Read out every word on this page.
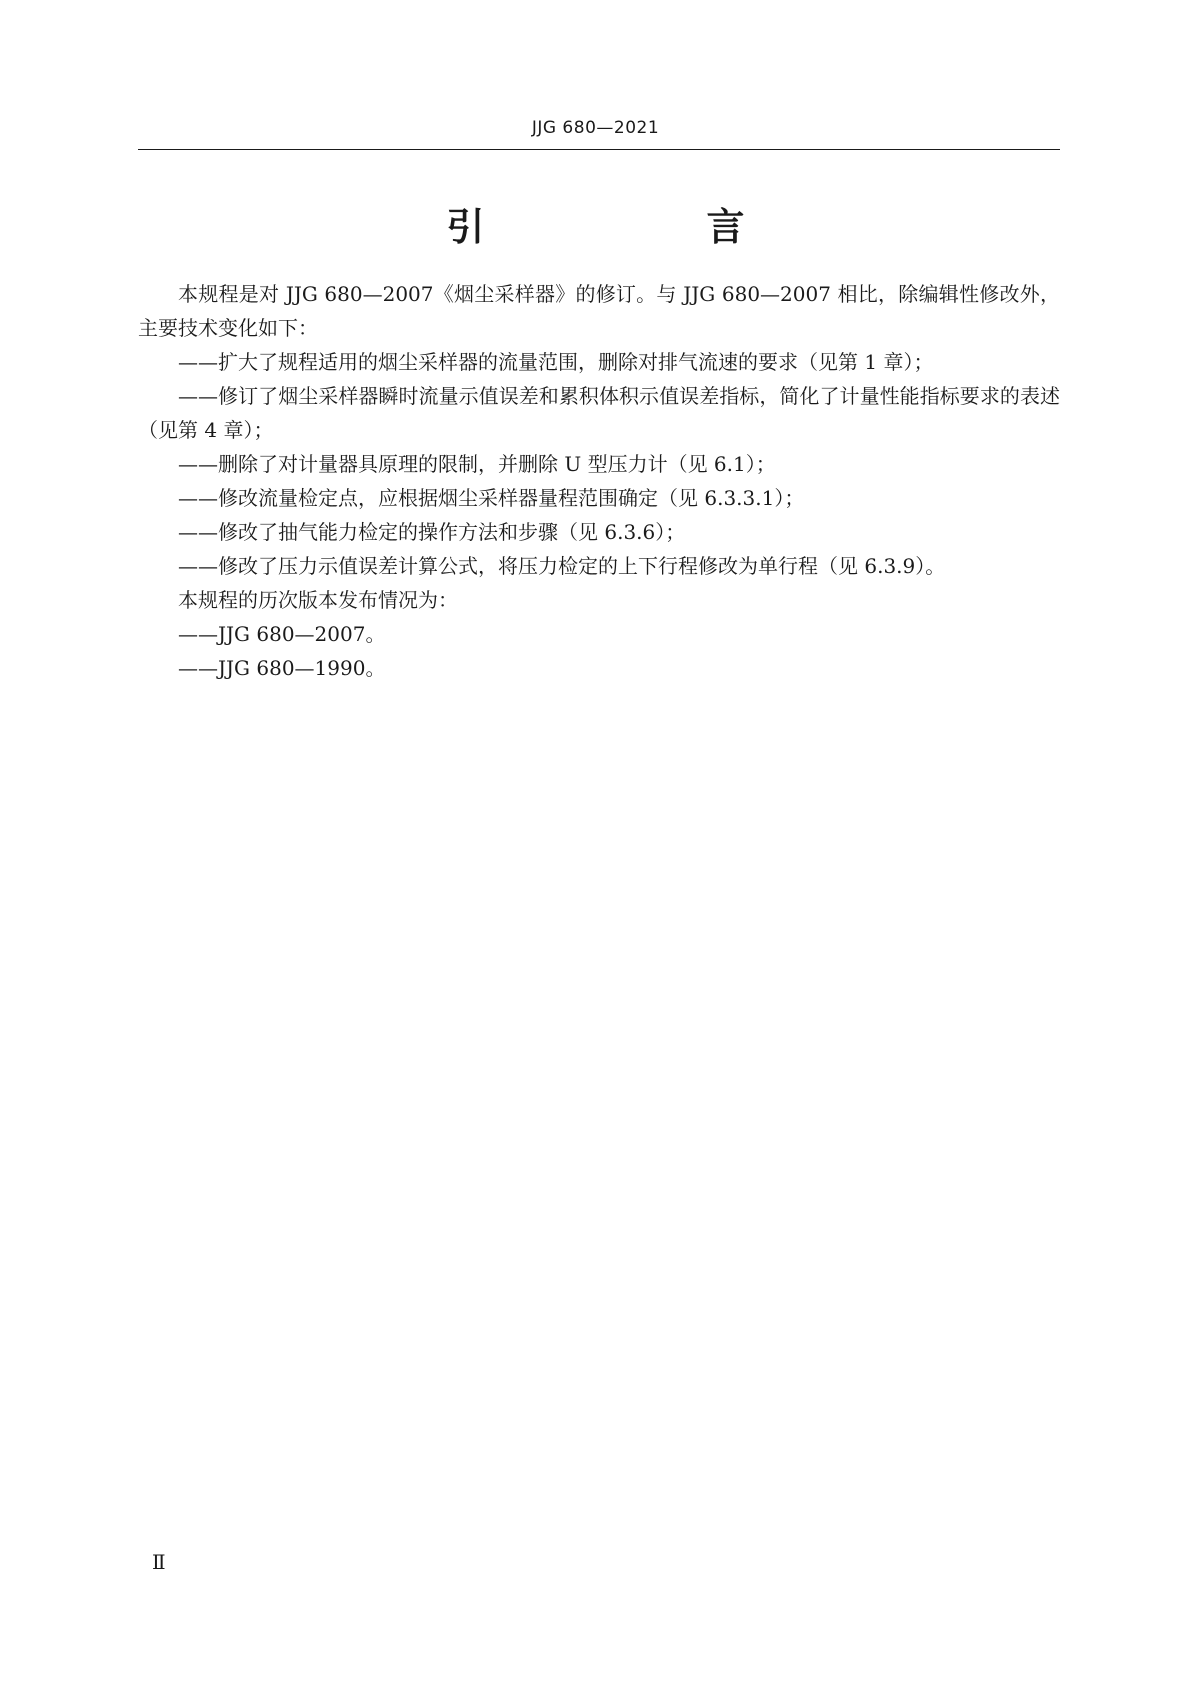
JJG 680—2021
引　言

本规程是对 JJG 680—2007《烟尘采样器》的修订。与 JJG 680—2007 相比，除编辑性修改外，主要技术变化如下：

——扩大了规程适用的烟尘采样器的流量范围，删除对排气流速的要求（见第 1 章）；

——修订了烟尘采样器瞬时流量示值误差和累积体积示值误差指标，简化了计量性能指标要求的表述（见第 4 章）；

——删除了对计量器具原理的限制，并删除 U 型压力计（见 6.1）；

——修改流量检定点，应根据烟尘采样器量程范围确定（见 6.3.3.1）；

——修改了抽气能力检定的操作方法和步骤（见 6.3.6）；

——修改了压力示值误差计算公式，将压力检定的上下行程修改为单行程（见 6.3.9）。

本规程的历次版本发布情况为：

——JJG 680—2007。

——JJG 680—1990。

Ⅱ
